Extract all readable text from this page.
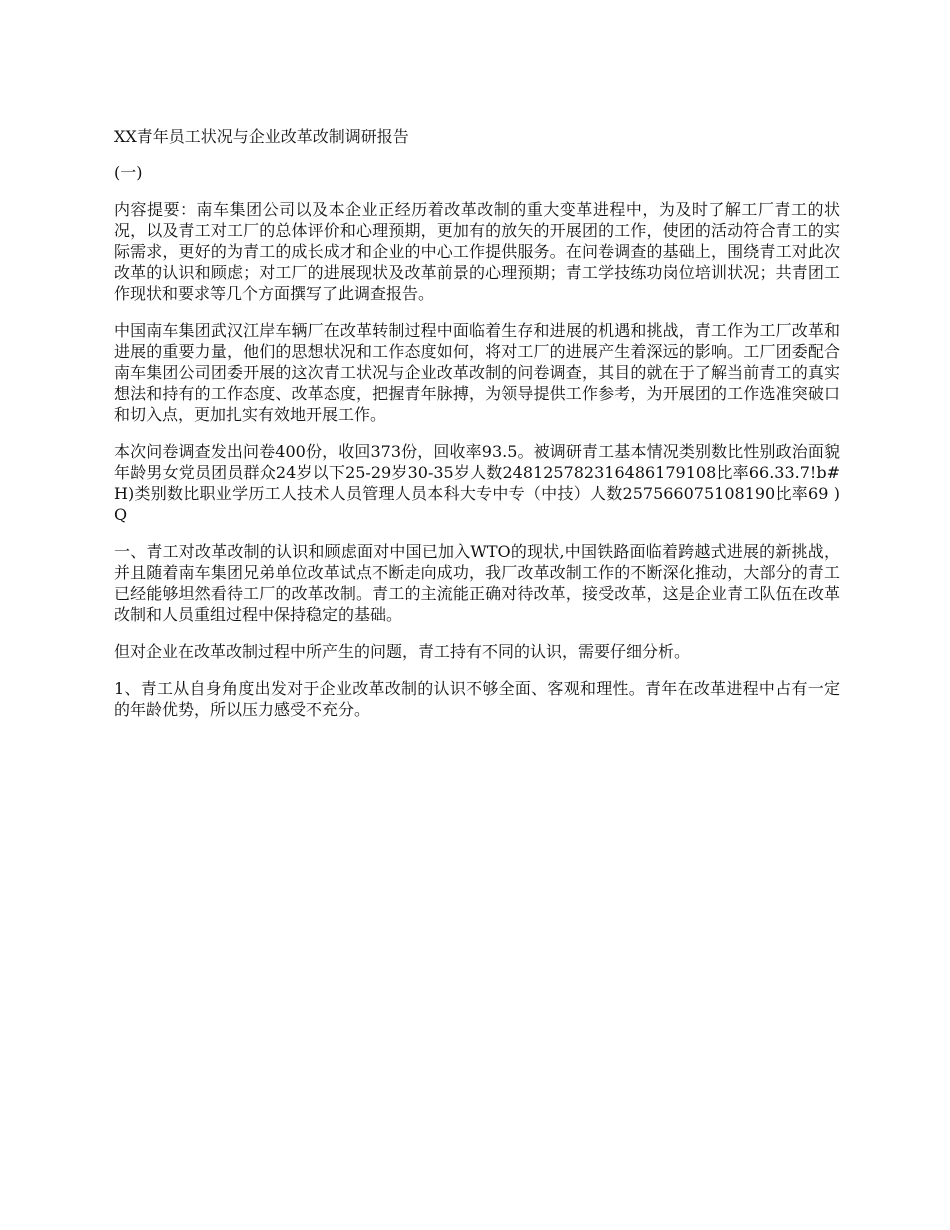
XX青年员工状况与企业改革改制调研报告

(一)

内容提要：南车集团公司以及本企业正经历着改革改制的重大变革进程中，为及时了解工厂青工的状况，以及青工对工厂的总体评价和心理预期，更加有的放矢的开展团的工作，使团的活动符合青工的实际需求，更好的为青工的成长成才和企业的中心工作提供服务。在问卷调查的基础上，围绕青工对此次改革的认识和顾虑；对工厂的进展现状及改革前景的心理预期；青工学技练功岗位培训状况；共青团工作现状和要求等几个方面撰写了此调查报告。

中国南车集团武汉江岸车辆厂在改革转制过程中面临着生存和进展的机遇和挑战，青工作为工厂改革和进展的重要力量，他们的思想状况和工作态度如何，将对工厂的进展产生着深远的影响。工厂团委配合南车集团公司团委开展的这次青工状况与企业改革改制的问卷调查，其目的就在于了解当前青工的真实想法和持有的工作态度、改革态度，把握青年脉搏，为领导提供工作参考，为开展团的工作选准突破口和切入点，更加扎实有效地开展工作。

本次问卷调查发出问卷400份，收回373份，回收率93.5。被调研青工基本情况类别数比性别政治面貌年龄男女党员团员群众24岁以下25-29岁30-35岁人数248125782316486179108比率66.33.7!b#H)类别数比职业学历工人技术人员管理人员本科大专中专（中技）人数257566075108190比率69 )Q

一、青工对改革改制的认识和顾虑面对中国已加入WTO的现状,中国铁路面临着跨越式进展的新挑战，并且随着南车集团兄弟单位改革试点不断走向成功，我厂改革改制工作的不断深化推动，大部分的青工已经能够坦然看待工厂的改革改制。青工的主流能正确对待改革，接受改革，这是企业青工队伍在改革改制和人员重组过程中保持稳定的基础。

但对企业在改革改制过程中所产生的问题，青工持有不同的认识，需要仔细分析。

1、青工从自身角度出发对于企业改革改制的认识不够全面、客观和理性。青年在改革进程中占有一定的年龄优势，所以压力感受不充分。
